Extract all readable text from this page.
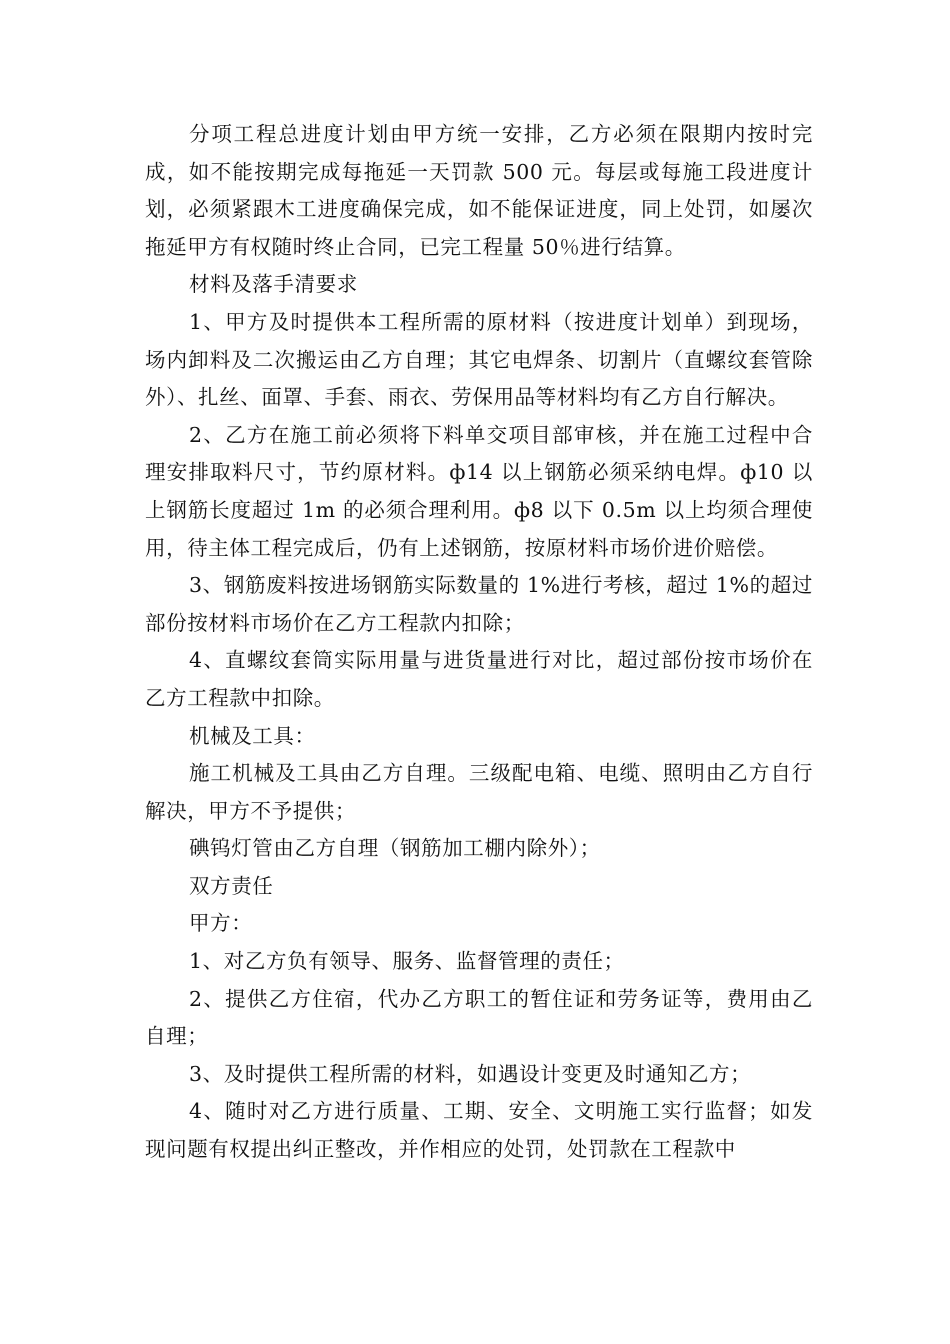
分项工程总进度计划由甲方统一安排，乙方必须在限期内按时完成，如不能按期完成每拖延一天罚款 500 元。每层或每施工段进度计划，必须紧跟木工进度确保完成，如不能保证进度，同上处罚，如屡次拖延甲方有权随时终止合同，已完工程量 50％进行结算。

材料及落手清要求

1、甲方及时提供本工程所需的原材料（按进度计划单）到现场，场内卸料及二次搬运由乙方自理；其它电焊条、切割片（直螺纹套管除外）、扎丝、面罩、手套、雨衣、劳保用品等材料均有乙方自行解决。

2、乙方在施工前必须将下料单交项目部审核，并在施工过程中合理安排取料尺寸，节约原材料。ф14 以上钢筋必须采纳电焊。ф10 以上钢筋长度超过 1m 的必须合理利用。ф8 以下 0.5m 以上均须合理使用，待主体工程完成后，仍有上述钢筋，按原材料市场价进价赔偿。

3、钢筋废料按进场钢筋实际数量的 1%进行考核，超过 1%的超过部份按材料市场价在乙方工程款内扣除；

4、直螺纹套筒实际用量与进货量进行对比，超过部份按市场价在乙方工程款中扣除。

机械及工具：

施工机械及工具由乙方自理。三级配电箱、电缆、照明由乙方自行解决，甲方不予提供；

碘钨灯管由乙方自理（钢筋加工棚内除外）；

双方责任

甲方：

1、对乙方负有领导、服务、监督管理的责任；

2、提供乙方住宿，代办乙方职工的暂住证和劳务证等，费用由乙自理；

3、及时提供工程所需的材料，如遇设计变更及时通知乙方；

4、随时对乙方进行质量、工期、安全、文明施工实行监督；如发现问题有权提出纠正整改，并作相应的处罚，处罚款在工程款中
